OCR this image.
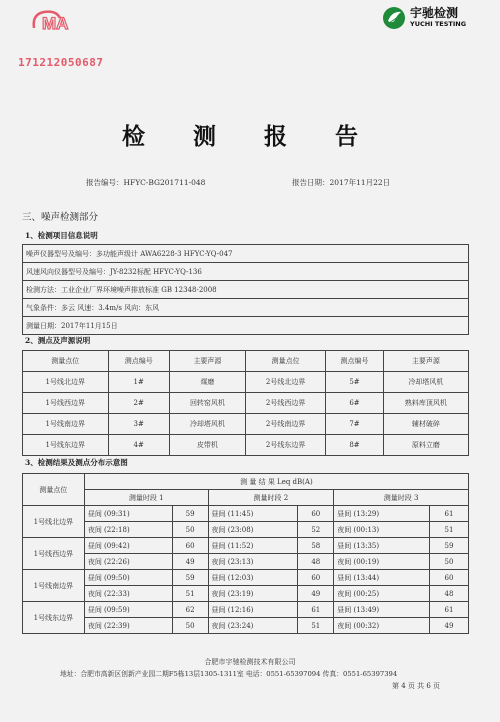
MA
171212050687
宇驰检测
YUCHI TESTING
检 测 报 告
报告编号：HFYC-BG201711-048	报告日期：2017年11月22日
三、噪声检测部分
1、检测项目信息说明
噪声仪器型号及编号：多功能声级计 AWA6228-3 HFYC-YQ-047
风速风向仪器型号及编号：JY-8232标配 HFYC-YQ-136
检测方法：工业企业厂界环境噪声排放标准 GB 12348-2008
气象条件：多云 风速：3.4m/s 风向：东风
测量日期：2017年11月15日
2、测点及声源说明
测量点位	测点编号	主要声源
1号线北边界	1#	煤磨
1号线西边界	2#	回转窑风机
1号线南边界	3#	冷却塔风机
1号线东边界	4#	皮带机
测量点位	测点编号	主要声源
2号线北边界	5#	冷却塔风机
2号线西边界	6#	熟料库顶风机
2号线南边界	7#	辅材破碎
2号线东边界	8#	原料立磨
3、检测结果及测点分布示意图
测量点位	测 量 结 果 Leq dB(A)					
	测量时段 1		测量时段 2		测量时段 3	
1号线北边界	昼间 (09:31)	59	昼间 (11:45)	60	昼间 (13:29)	61
	夜间 (22:18)	50	夜间 (23:08)	52	夜间 (00:13)	51
1号线西边界	昼间 (09:42)	60	昼间 (11:52)	58	昼间 (13:35)	59
	夜间 (22:26)	49	夜间 (23:13)	48	夜间 (00:19)	50
1号线南边界	昼间 (09:50)	59	昼间 (12:03)	60	昼间 (13:44)	60
	夜间 (22:33)	51	夜间 (23:19)	49	夜间 (00:25)	48
1号线东边界	昼间 (09:59)	62	昼间 (12:16)	61	昼间 (13:49)	61
	夜间 (22:39)	50	夜间 (23:24)	51	夜间 (00:32)	49
合肥市宇驰检测技术有限公司
地址：合肥市高新区创新产业园二期F5栋13层1305-1311室 电话：0551-65397094 传真：0551-65397394
第 4 页 共 6 页
